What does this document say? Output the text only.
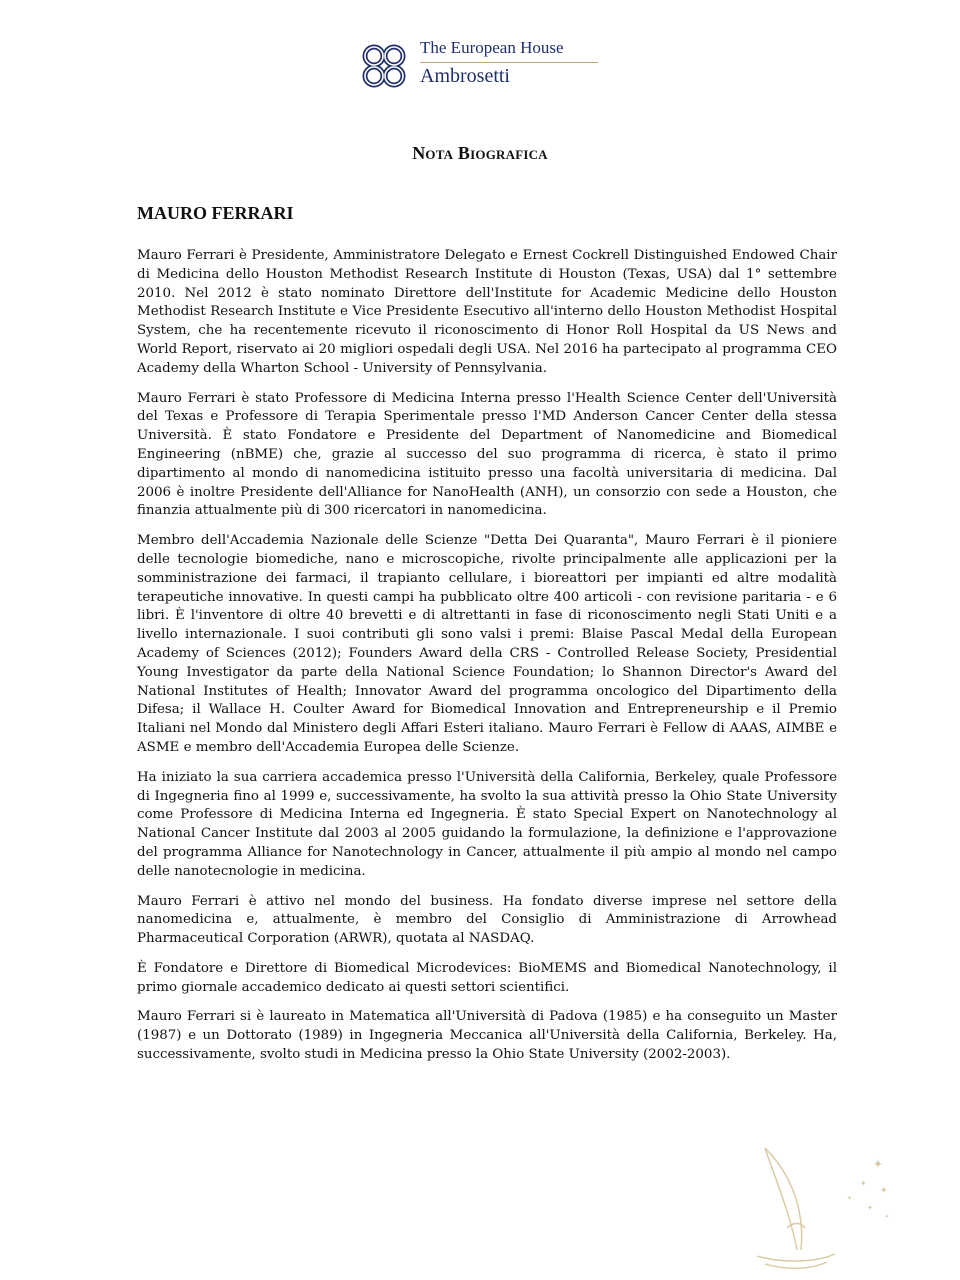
The European House
Ambrosetti
Nota Biografica
MAURO FERRARI

Mauro Ferrari è Presidente, Amministratore Delegato e Ernest Cockrell Distinguished Endowed Chair di Medicina dello Houston Methodist Research Institute di Houston (Texas, USA) dal 1° settembre 2010. Nel 2012 è stato nominato Direttore dell'Institute for Academic Medicine dello Houston Methodist Research Institute e Vice Presidente Esecutivo all'interno dello Houston Methodist Hospital System, che ha recentemente ricevuto il riconoscimento di Honor Roll Hospital da US News and World Report, riservato ai 20 migliori ospedali degli USA. Nel 2016 ha partecipato al programma CEO Academy della Wharton School - University of Pennsylvania.

Mauro Ferrari è stato Professore di Medicina Interna presso l'Health Science Center dell'Università del Texas e Professore di Terapia Sperimentale presso l'MD Anderson Cancer Center della stessa Università. È stato Fondatore e Presidente del Department of Nanomedicine and Biomedical Engineering (nBME) che, grazie al successo del suo programma di ricerca, è stato il primo dipartimento al mondo di nanomedicina istituito presso una facoltà universitaria di medicina. Dal 2006 è inoltre Presidente dell'Alliance for NanoHealth (ANH), un consorzio con sede a Houston, che finanzia attualmente più di 300 ricercatori in nanomedicina.

Membro dell'Accademia Nazionale delle Scienze "Detta Dei Quaranta", Mauro Ferrari è il pioniere delle tecnologie biomediche, nano e microscopiche, rivolte principalmente alle applicazioni per la somministrazione dei farmaci, il trapianto cellulare, i bioreattori per impianti ed altre modalità terapeutiche innovative. In questi campi ha pubblicato oltre 400 articoli - con revisione paritaria - e 6 libri. È l'inventore di oltre 40 brevetti e di altrettanti in fase di riconoscimento negli Stati Uniti e a livello internazionale. I suoi contributi gli sono valsi i premi: Blaise Pascal Medal della European Academy of Sciences (2012); Founders Award della CRS - Controlled Release Society, Presidential Young Investigator da parte della National Science Foundation; lo Shannon Director's Award del National Institutes of Health; Innovator Award del programma oncologico del Dipartimento della Difesa; il Wallace H. Coulter Award for Biomedical Innovation and Entrepreneurship e il Premio Italiani nel Mondo dal Ministero degli Affari Esteri italiano. Mauro Ferrari è Fellow di AAAS, AIMBE e ASME e membro dell'Accademia Europea delle Scienze.

Ha iniziato la sua carriera accademica presso l'Università della California, Berkeley, quale Professore di Ingegneria fino al 1999 e, successivamente, ha svolto la sua attività presso la Ohio State University come Professore di Medicina Interna ed Ingegneria. È stato Special Expert on Nanotechnology al National Cancer Institute dal 2003 al 2005 guidando la formulazione, la definizione e l'approvazione del programma Alliance for Nanotechnology in Cancer, attualmente il più ampio al mondo nel campo delle nanotecnologie in medicina.

Mauro Ferrari è attivo nel mondo del business. Ha fondato diverse imprese nel settore della nanomedicina e, attualmente, è membro del Consiglio di Amministrazione di Arrowhead Pharmaceutical Corporation (ARWR), quotata al NASDAQ.

È Fondatore e Direttore di Biomedical Microdevices: BioMEMS and Biomedical Nanotechnology, il primo giornale accademico dedicato ai questi settori scientifici.

Mauro Ferrari si è laureato in Matematica all'Università di Padova (1985) e ha conseguito un Master (1987) e un Dottorato (1989) in Ingegneria Meccanica all'Università della California, Berkeley. Ha, successivamente, svolto studi in Medicina presso la Ohio State University (2002-2003).

✦
✦
✦
✦
✦
✦
